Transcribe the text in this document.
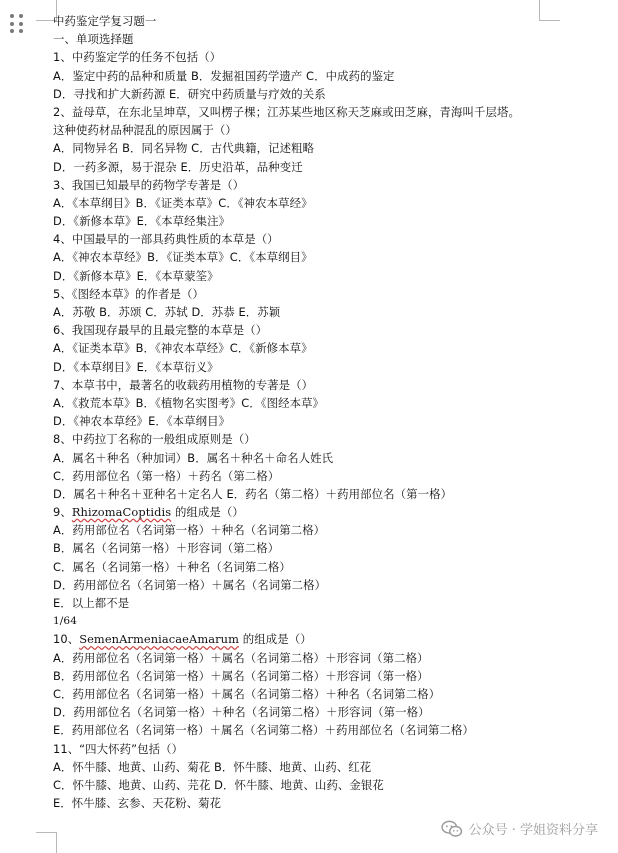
中药鉴定学复习题一
一、单项选择题
1、中药鉴定学的任务不包括（）
A．鉴定中药的品种和质量 B．发掘祖国药学遗产 C．中成药的鉴定
D．寻找和扩大新药源 E．研究中药质量与疗效的关系
2、益母草，在东北呈坤草，又叫楞子棵；江苏某些地区称天芝麻或田芝麻，青海叫千层塔。
这种使药材品种混乱的原因属于（）
A．同物异名 B．同名异物 C．古代典籍，记述粗略
D．一药多源，易于混杂 E．历史沿革，品种变迁
3、我国已知最早的药物学专著是（）
A．《本草纲目》B．《证类本草》C．《神农本草经》
D．《新修本草》E．《本草经集注》
4、中国最早的一部具药典性质的本草是（）
A．《神农本草经》B．《证类本草》C．《本草纲目》
D．《新修本草》E．《本草蒙筌》
5、《图经本草》的作者是（）
A．苏敬 B．苏颂 C．苏轼 D．苏恭 E．苏颖
6、我国现存最早的且最完整的本草是（）
A．《证类本草》B．《神农本草经》C．《新修本草》
D．《本草纲目》E．《本草衍义》
7、本草书中，最著名的收载药用植物的专著是（）
A．《救荒本草》B．《植物名实图考》C．《图经本草》
D．《神农本草经》E．《本草纲目》
8、中药拉丁名称的一般组成原则是（）
A．属名＋种名（种加词）B．属名＋种名＋命名人姓氏
C．药用部位名（第一格）＋药名（第二格）
D．属名＋种名＋亚种名＋定名人 E．药名（第二格）＋药用部位名（第一格）
9、RhizomaCoptidis 的组成是（）
A．药用部位名（名词第一格）＋种名（名词第二格）
B．属名（名词第一格）＋形容词（第二格）
C．属名（名词第一格）＋种名（名词第二格）
D．药用部位名（名词第一格）＋属名（名词第二格）
E．以上都不是
1/64
10、SemenArmeniacaeAmarum 的组成是（）
A．药用部位名（名词第一格）＋属名（名词第二格）＋形容词（第二格）
B．药用部位名（名词第一格）＋属名（名词第二格）＋形容词（第一格）
C．药用部位名（名词第一格）＋属名（名词第二格）＋种名（名词第二格）
D．药用部位名（名词第一格）＋种名（名词第二格）＋形容词（第一格）
E．药用部位名（名词第一格）＋属名（名词第二格）＋药用部位名（名词第二格）
11、“四大怀药”包括（）
A．怀牛膝、地黄、山药、菊花 B．怀牛膝、地黄、山药、红花
C．怀牛膝、地黄、山药、芫花 D．怀牛膝、地黄、山药、金银花
E．怀牛膝、玄参、天花粉、菊花
公众号 · 学姐资料分享
